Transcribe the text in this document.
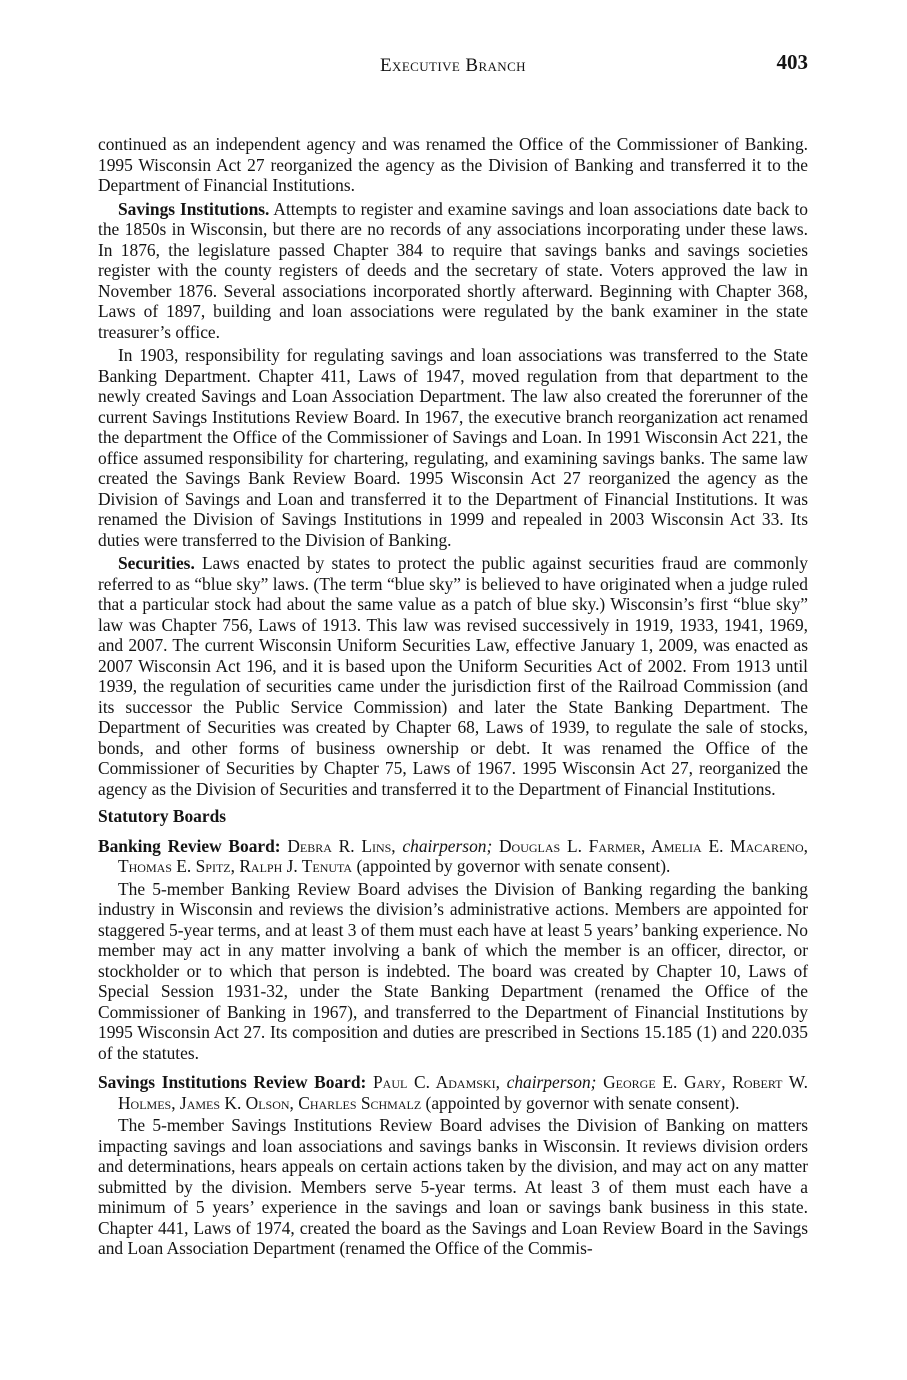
Executive Branch	403

continued as an independent agency and was renamed the Office of the Commissioner of Banking. 1995 Wisconsin Act 27 reorganized the agency as the Division of Banking and transferred it to the Department of Financial Institutions.

Savings Institutions. Attempts to register and examine savings and loan associations date back to the 1850s in Wisconsin, but there are no records of any associations incorporating under these laws. In 1876, the legislature passed Chapter 384 to require that savings banks and savings societies register with the county registers of deeds and the secretary of state. Voters approved the law in November 1876. Several associations incorporated shortly afterward. Beginning with Chapter 368, Laws of 1897, building and loan associations were regulated by the bank examiner in the state treasurer’s office.

In 1903, responsibility for regulating savings and loan associations was transferred to the State Banking Department. Chapter 411, Laws of 1947, moved regulation from that department to the newly created Savings and Loan Association Department. The law also created the forerunner of the current Savings Institutions Review Board. In 1967, the executive branch reorganization act renamed the department the Office of the Commissioner of Savings and Loan. In 1991 Wisconsin Act 221, the office assumed responsibility for chartering, regulating, and examining savings banks. The same law created the Savings Bank Review Board. 1995 Wisconsin Act 27 reorganized the agency as the Division of Savings and Loan and transferred it to the Department of Financial Institutions. It was renamed the Division of Savings Institutions in 1999 and repealed in 2003 Wisconsin Act 33. Its duties were transferred to the Division of Banking.

Securities. Laws enacted by states to protect the public against securities fraud are commonly referred to as “blue sky” laws. (The term “blue sky” is believed to have originated when a judge ruled that a particular stock had about the same value as a patch of blue sky.) Wisconsin’s first “blue sky” law was Chapter 756, Laws of 1913. This law was revised successively in 1919, 1933, 1941, 1969, and 2007. The current Wisconsin Uniform Securities Law, effective January 1, 2009, was enacted as 2007 Wisconsin Act 196, and it is based upon the Uniform Securities Act of 2002. From 1913 until 1939, the regulation of securities came under the jurisdiction first of the Railroad Commission (and its successor the Public Service Commission) and later the State Banking Department. The Department of Securities was created by Chapter 68, Laws of 1939, to regulate the sale of stocks, bonds, and other forms of business ownership or debt. It was renamed the Office of the Commissioner of Securities by Chapter 75, Laws of 1967. 1995 Wisconsin Act 27, reorganized the agency as the Division of Securities and transferred it to the Department of Financial Institutions.

Statutory Boards
Banking Review Board: Debra R. Lins, chairperson; Douglas L. Farmer, Amelia E. Macareno, Thomas E. Spitz, Ralph J. Tenuta (appointed by governor with senate consent).

The 5-member Banking Review Board advises the Division of Banking regarding the banking industry in Wisconsin and reviews the division’s administrative actions. Members are appointed for staggered 5-year terms, and at least 3 of them must each have at least 5 years’ banking experience. No member may act in any matter involving a bank of which the member is an officer, director, or stockholder or to which that person is indebted. The board was created by Chapter 10, Laws of Special Session 1931-32, under the State Banking Department (renamed the Office of the Commissioner of Banking in 1967), and transferred to the Department of Financial Institutions by 1995 Wisconsin Act 27. Its composition and duties are prescribed in Sections 15.185 (1) and 220.035 of the statutes.

Savings Institutions Review Board: Paul C. Adamski, chairperson; George E. Gary, Robert W. Holmes, James K. Olson, Charles Schmalz (appointed by governor with senate consent).

The 5-member Savings Institutions Review Board advises the Division of Banking on matters impacting savings and loan associations and savings banks in Wisconsin. It reviews division orders and determinations, hears appeals on certain actions taken by the division, and may act on any matter submitted by the division. Members serve 5-year terms. At least 3 of them must each have a minimum of 5 years’ experience in the savings and loan or savings bank business in this state. Chapter 441, Laws of 1974, created the board as the Savings and Loan Review Board in the Savings and Loan Association Department (renamed the Office of the Commis-
